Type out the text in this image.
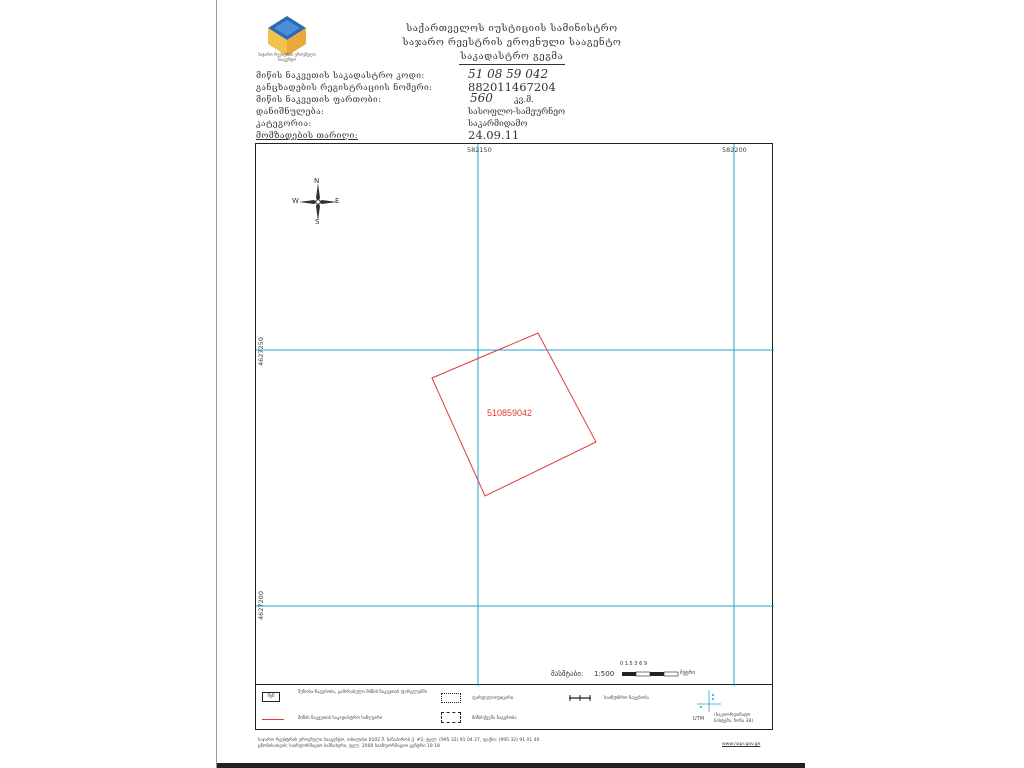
საჯარო რეესტრის ეროვნული სააგენტო
საქართველოს იუსტიციის სამინისტრო
საჯარო რეესტრის ეროვნული სააგენტო
საკადასტრო გეგმა
მიწის ნაკვეთის საკადასტრო კოდი:	51 08 59 042
განცხადების რეგისტრაციის ნომერი:	882011467204
მიწის ნაკვეთის ფართობი:	560 კვ.მ.
დანიშნულება:	სასოფლო-სამეურნეო
კატეგორია:	საკარმიდამო
მომზადების თარიღი:	24.09.11
510859042
N
S
W	E
582150	582200
4627250
4627200
მასშტაბი: 1:500
0 1.5 3 6 9
მეტრი
შენ
შენობა-ნაგებობა, გამოსახული მიწის ნაკვეთის ფარგლებში
ფარდული/ფიცარი	საინჟინრო ნაგებობა
მიწის ნაკვეთის საკადასტრო საზღვარი	მიწისქვეშა ნაგებობა	UTM
(საკოორდინატო სისტემა, ზონა 38)
საჯარო რეესტრის ეროვნული სააგენტო, თბილისი 0102 შ. სანაპიროს ქ. #2, ტელ: (995 32) 91 04 27, ფაქსი: (995 32) 91 01 40
ცნობისათვის: საინფორმაციო სამსახური, ტელ. 2000 საინფორმაციო ცენტრი 19 18	www.napr.gov.ge
